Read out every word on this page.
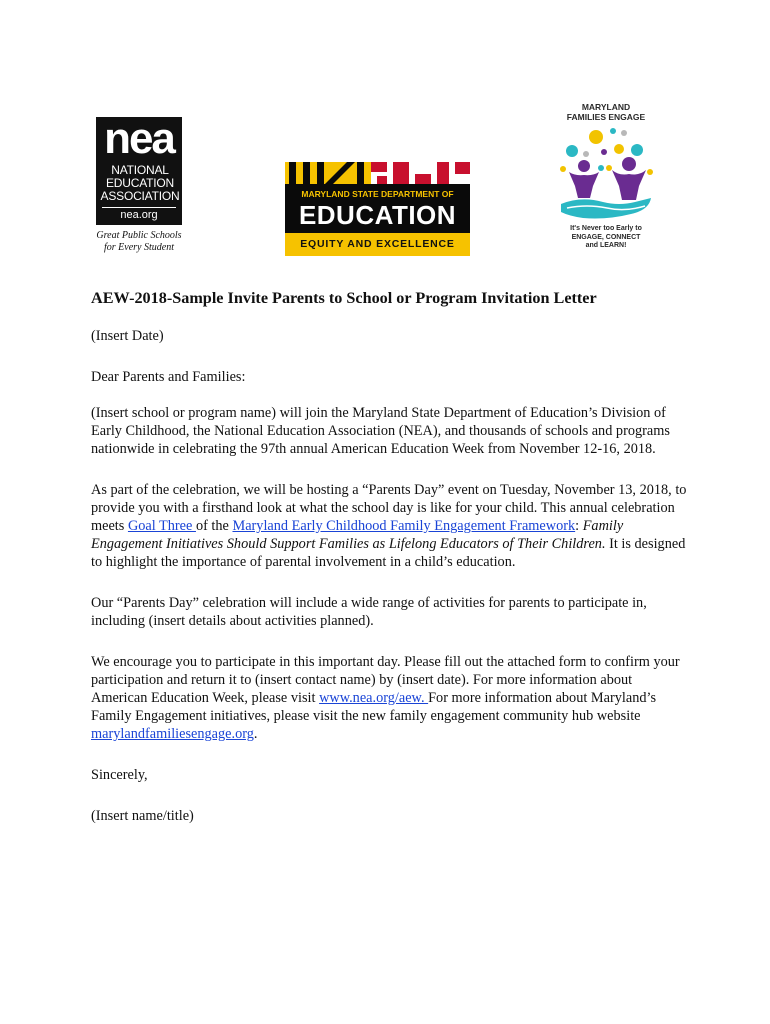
nea
NATIONAL
EDUCATION
ASSOCIATION
nea.org
Great Public Schools
for Every Student
MARYLAND STATE DEPARTMENT OF
EDUCATION
EQUITY AND EXCELLENCE
MARYLAND
FAMILIES ENGAGE
It's Never too Early to
ENGAGE, CONNECT
and LEARN!
AEW-2018-Sample Invite Parents to School or Program Invitation Letter

(Insert Date)

Dear Parents and Families:

(Insert school or program name) will join the Maryland State Department of Education’s Division of Early Childhood, the National Education Association (NEA), and thousands of schools and programs nationwide in celebrating the 97th annual American Education Week from November 12-16, 2018.

As part of the celebration, we will be hosting a “Parents Day” event on Tuesday, November 13, 2018, to provide you with a firsthand look at what the school day is like for your child. This annual celebration meets Goal Three of the Maryland Early Childhood Family Engagement Framework: Family Engagement Initiatives Should Support Families as Lifelong Educators of Their Children. It is designed to highlight the importance of parental involvement in a child’s education.

Our “Parents Day” celebration will include a wide range of activities for parents to participate in, including (insert details about activities planned).

We encourage you to participate in this important day. Please fill out the attached form to confirm your participation and return it to (insert contact name) by (insert date). For more information about American Education Week, please visit www.nea.org/aew. For more information about Maryland’s Family Engagement initiatives, please visit the new family engagement community hub website marylandfamiliesengage.org.

Sincerely,

(Insert name/title)
